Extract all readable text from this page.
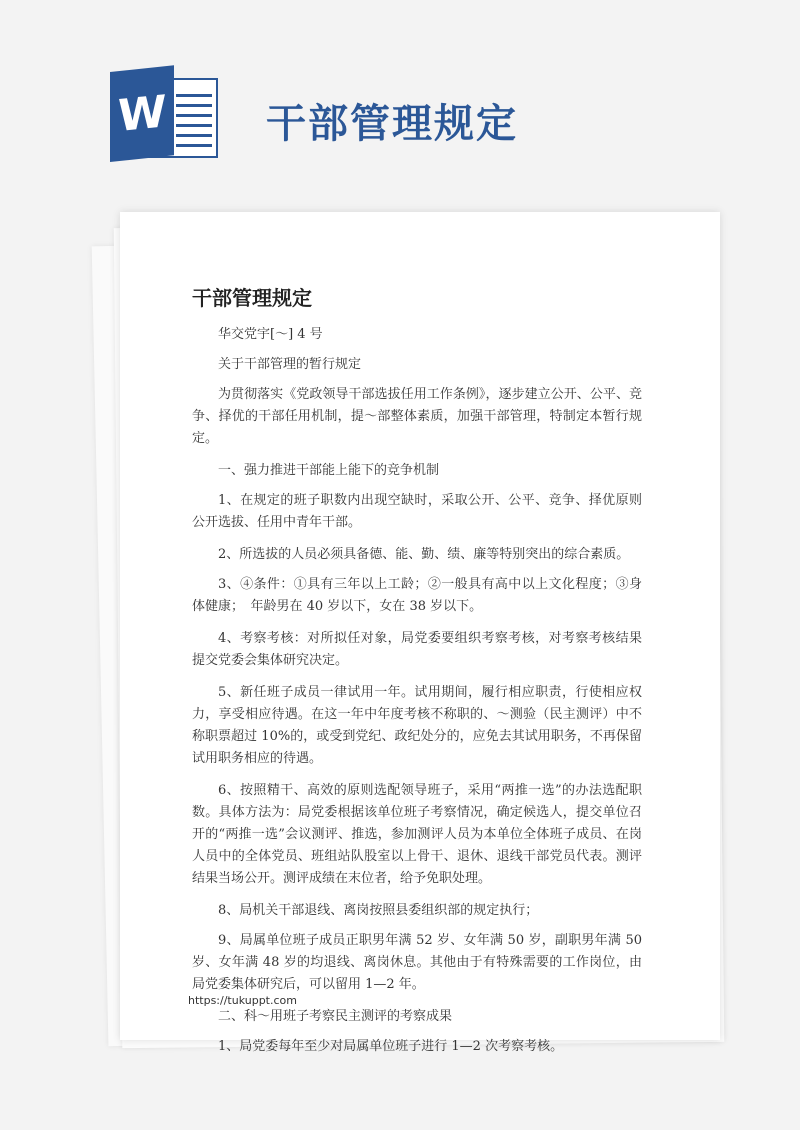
W 干部管理规定
干部管理规定

华交党宇[～] 4 号

关于干部管理的暂行规定

为贯彻落实《党政领导干部选拔任用工作条例》，逐步建立公开、公平、竞争、择优的干部任用机制，提～部整体素质，加强干部管理，特制定本暂行规定。

一、强力推进干部能上能下的竞争机制

1、在规定的班子职数内出现空缺时，采取公开、公平、竞争、择优原则公开选拔、任用中青年干部。

2、所选拔的人员必须具备德、能、勤、绩、廉等特别突出的综合素质。

3、④条件：①具有三年以上工龄；②一般具有高中以上文化程度；③身体健康；　年龄男在 40 岁以下，女在 38 岁以下。

4、考察考核：对所拟任对象，局党委要组织考察考核，对考察考核结果提交党委会集体研究决定。

5、新任班子成员一律试用一年。试用期间，履行相应职责，行使相应权力，享受相应待遇。在这一年中年度考核不称职的、～测验（民主测评）中不称职票超过 10%的，或受到党纪、政纪处分的，应免去其试用职务，不再保留试用职务相应的待遇。

6、按照精干、高效的原则选配领导班子，采用“两推一选”的办法选配职数。具体方法为：局党委根据该单位班子考察情况，确定候选人，提交单位召开的“两推一选”会议测评、推选，参加测评人员为本单位全体班子成员、在岗人员中的全体党员、班组站队股室以上骨干、退休、退线干部党员代表。测评结果当场公开。测评成绩在末位者，给予免职处理。

8、局机关干部退线、离岗按照县委组织部的规定执行；

9、局属单位班子成员正职男年满 52 岁、女年满 50 岁，副职男年满 50 岁、女年满 48 岁的均退线、离岗休息。其他由于有特殊需要的工作岗位，由局党委集体研究后，可以留用 1—2 年。

二、科～用班子考察民主测评的考察成果

1、局党委每年至少对局属单位班子进行 1—2 次考察考核。

https://tukuppt.com
